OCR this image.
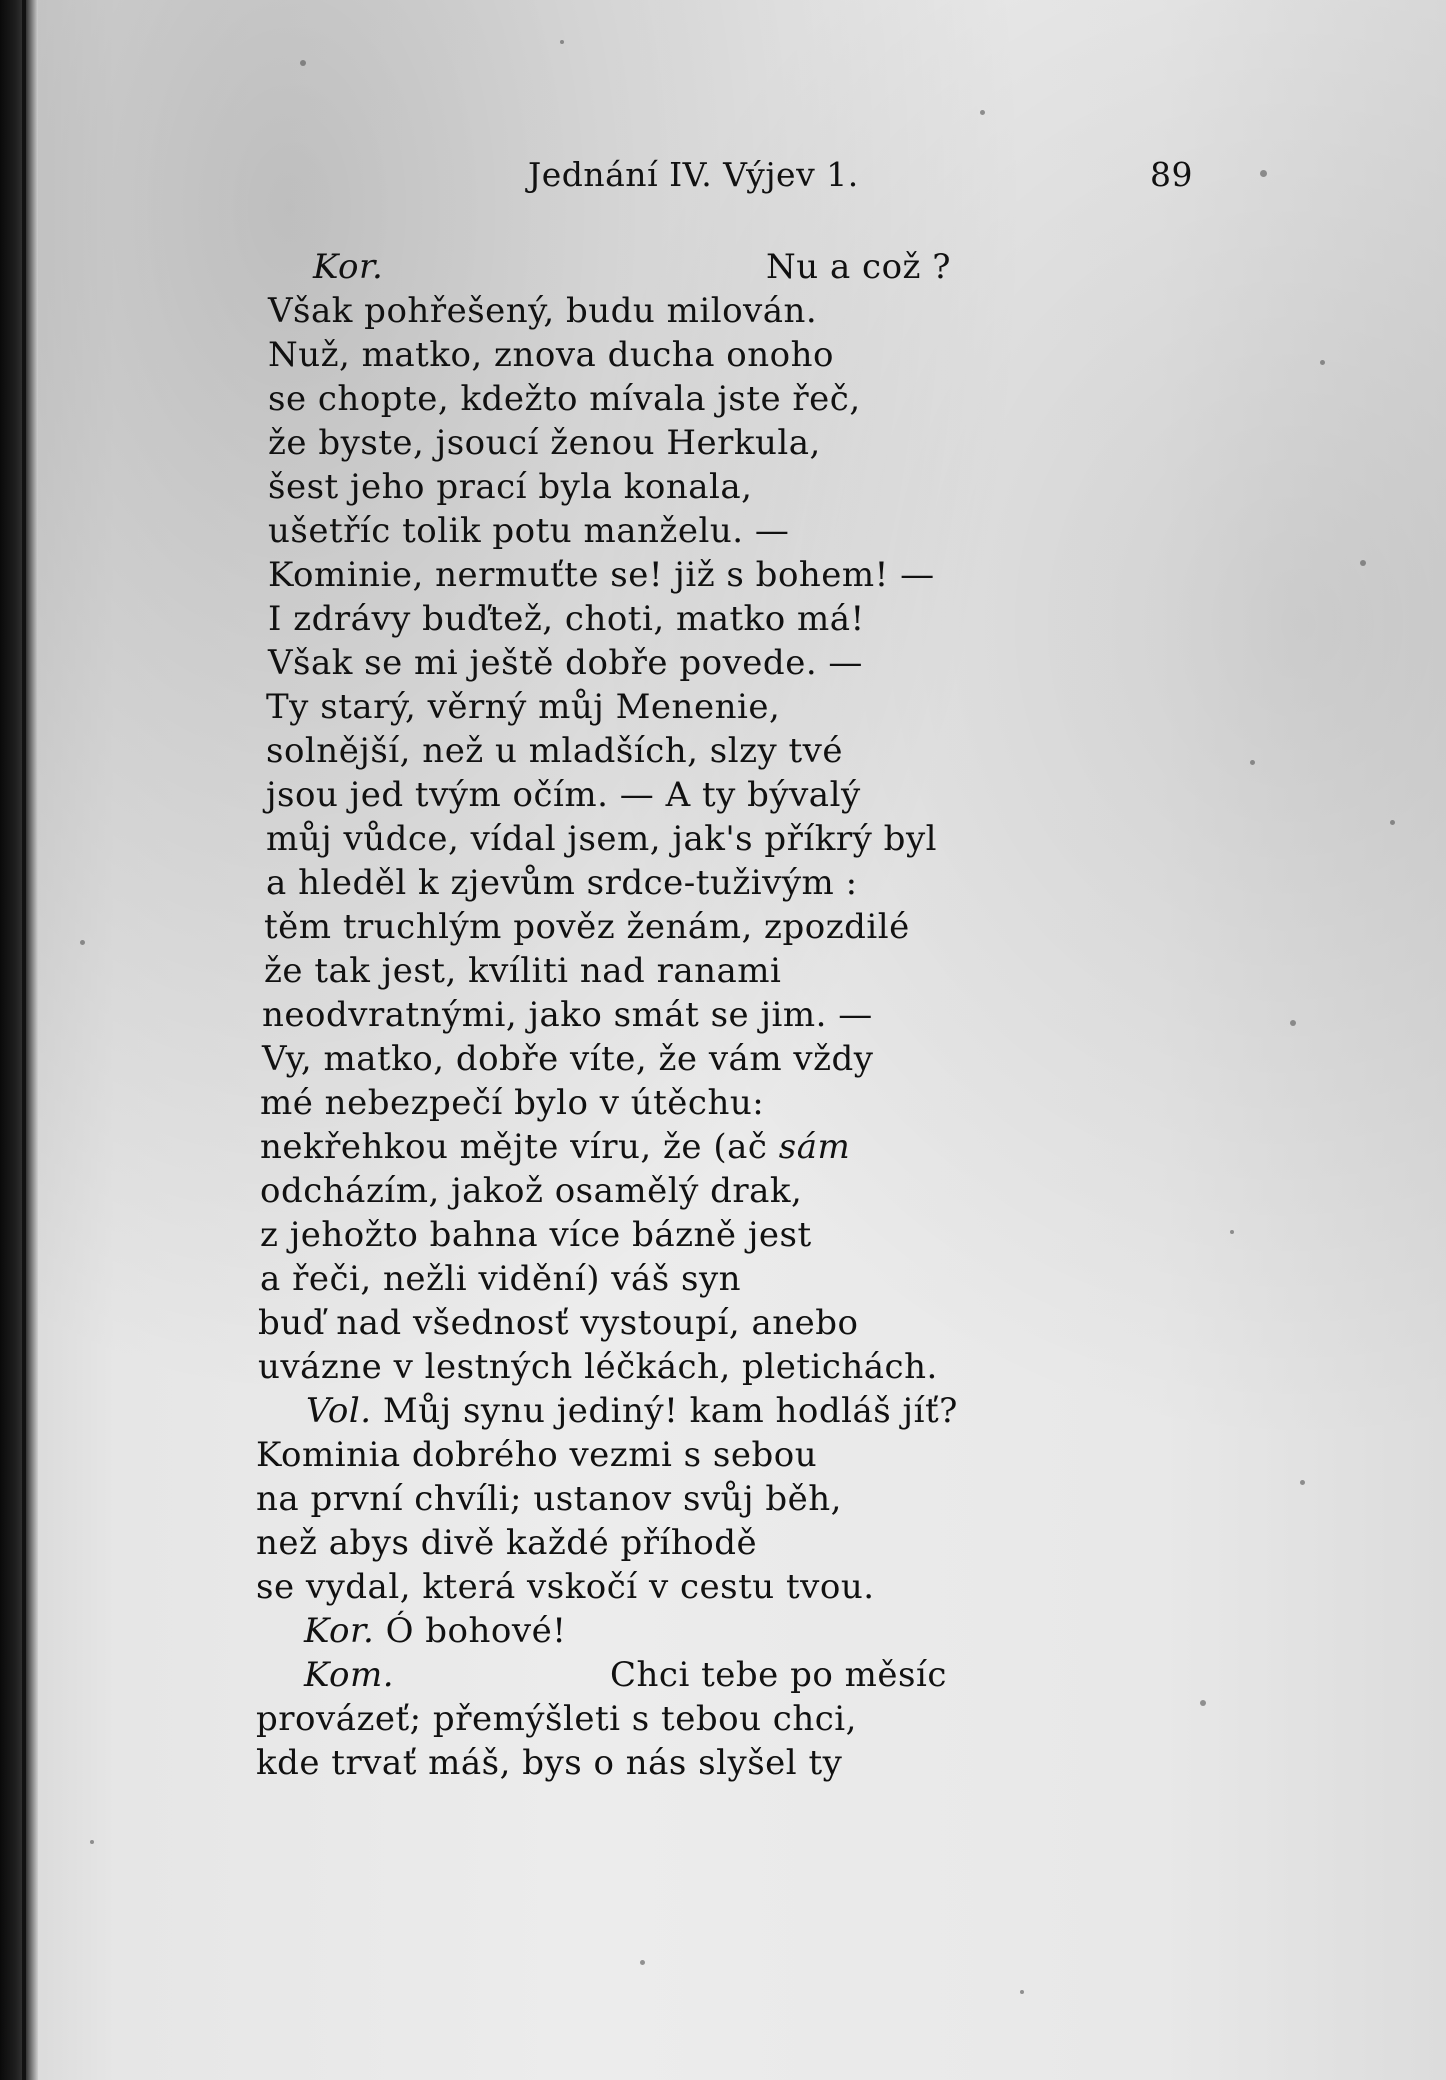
Jednání IV. Výjev 1.	89
Kor.	Nu a což ?
Však pohřešený, budu milován.
Nuž, matko, znova ducha onoho
se chopte, kdežto mívala jste řeč,
že byste, jsoucí ženou Herkula,
šest jeho prací byla konala,
ušetříc tolik potu manželu. —
Kominie, nermuťte se! již s bohem! —
I zdrávy buďtež, choti, matko má!
Však se mi ještě dobře povede. —
Ty starý, věrný můj Menenie,
solnější, než u mladších, slzy tvé
jsou jed tvým očím. — A ty bývalý
můj vůdce, vídal jsem, jak's příkrý byl
a hleděl k zjevům srdce-tuživým :
těm truchlým pověz ženám, zpozdilé
že tak jest, kvíliti nad ranami
neodvratnými, jako smát se jim. —
Vy, matko, dobře víte, že vám vždy
mé nebezpečí bylo v útěchu:
nekřehkou mějte víru, že (ač sám
odcházím, jakož osamělý drak,
z jehožto bahna více bázně jest
a řeči, nežli vidění) váš syn
buď nad všednosť vystoupí, anebo
uvázne v lestných léčkách, pletichách.
Vol. Můj synu jediný! kam hodláš jíť?
Kominia dobrého vezmi s sebou
na první chvíli; ustanov svůj běh,
než abys divě každé příhodě
se vydal, která vskočí v cestu tvou.
Kor. Ó bohové!
Kom.	Chci tebe po měsíc
provázeť; přemýšleti s tebou chci,
kde trvať máš, bys o nás slyšel ty
